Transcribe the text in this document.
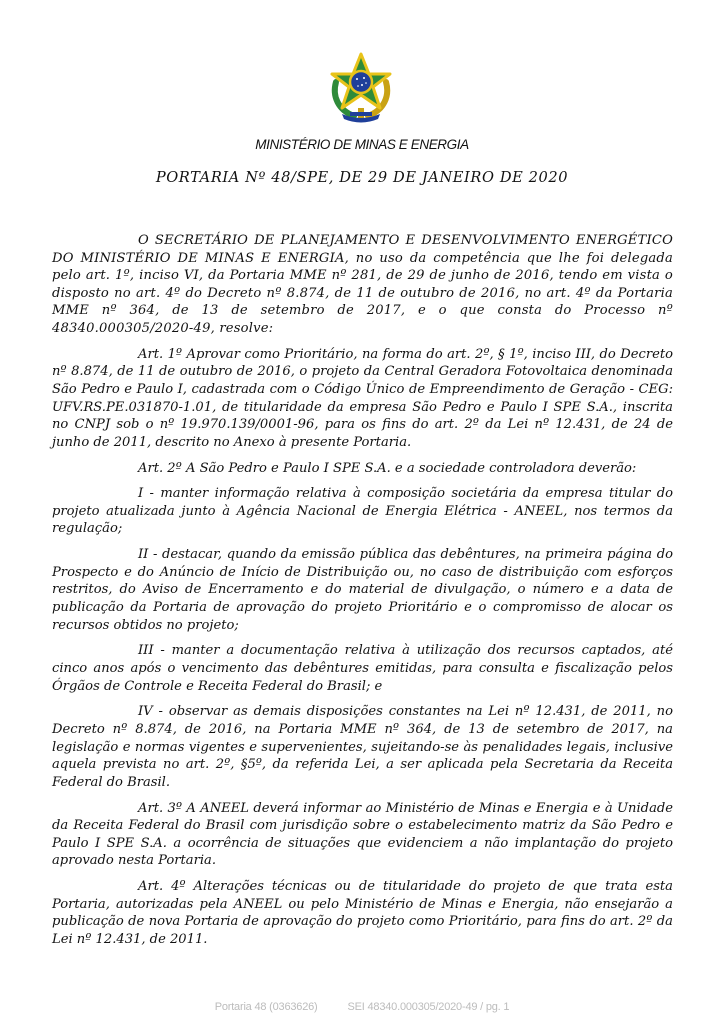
MINISTÉRIO DE MINAS E ENERGIA
PORTARIA Nº 48/SPE, DE 29 DE JANEIRO DE 2020

O SECRETÁRIO DE PLANEJAMENTO E DESENVOLVIMENTO ENERGÉTICO DO MINISTÉRIO DE MINAS E ENERGIA, no uso da competência que lhe foi delegada pelo art. 1º, inciso VI, da Portaria MME nº 281, de 29 de junho de 2016, tendo em vista o disposto no art. 4º do Decreto nº 8.874, de 11 de outubro de 2016, no art. 4º da Portaria MME nº 364, de 13 de setembro de 2017, e o que consta do Processo nº 48340.000305/2020-49, resolve:

Art. 1º Aprovar como Prioritário, na forma do art. 2º, § 1º, inciso III, do Decreto nº 8.874, de 11 de outubro de 2016, o projeto da Central Geradora Fotovoltaica denominada São Pedro e Paulo I, cadastrada com o Código Único de Empreendimento de Geração - CEG: UFV.RS.PE.031870-1.01, de titularidade da empresa São Pedro e Paulo I SPE S.A., inscrita no CNPJ sob o nº 19.970.139/0001-96, para os fins do art. 2º da Lei nº 12.431, de 24 de junho de 2011, descrito no Anexo à presente Portaria.

Art. 2º A São Pedro e Paulo I SPE S.A. e a sociedade controladora deverão:

I - manter informação relativa à composição societária da empresa titular do projeto atualizada junto à Agência Nacional de Energia Elétrica - ANEEL, nos termos da regulação;

II - destacar, quando da emissão pública das debêntures, na primeira página do Prospecto e do Anúncio de Início de Distribuição ou, no caso de distribuição com esforços restritos, do Aviso de Encerramento e do material de divulgação, o número e a data de publicação da Portaria de aprovação do projeto Prioritário e o compromisso de alocar os recursos obtidos no projeto;

III - manter a documentação relativa à utilização dos recursos captados, até cinco anos após o vencimento das debêntures emitidas, para consulta e fiscalização pelos Órgãos de Controle e Receita Federal do Brasil; e

IV - observar as demais disposições constantes na Lei nº 12.431, de 2011, no Decreto nº 8.874, de 2016, na Portaria MME nº 364, de 13 de setembro de 2017, na legislação e normas vigentes e supervenientes, sujeitando-se às penalidades legais, inclusive aquela prevista no art. 2º, §5º, da referida Lei, a ser aplicada pela Secretaria da Receita Federal do Brasil.

Art. 3º A ANEEL deverá informar ao Ministério de Minas e Energia e à Unidade da Receita Federal do Brasil com jurisdição sobre o estabelecimento matriz da São Pedro e Paulo I SPE S.A. a ocorrência de situações que evidenciem a não implantação do projeto aprovado nesta Portaria.

Art. 4º Alterações técnicas ou de titularidade do projeto de que trata esta Portaria, autorizadas pela ANEEL ou pelo Ministério de Minas e Energia, não ensejarão a publicação de nova Portaria de aprovação do projeto como Prioritário, para fins do art. 2º da Lei nº 12.431, de 2011.

Portaria 48 (0363626)	SEI 48340.000305/2020-49 / pg. 1
